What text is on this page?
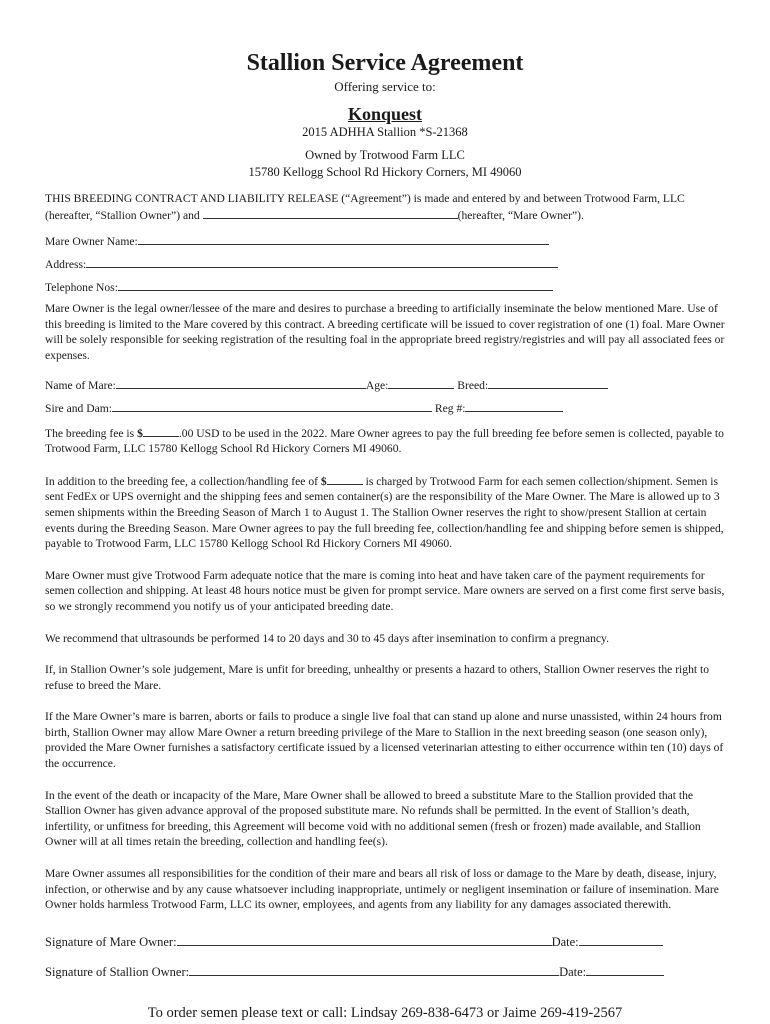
Stallion Service Agreement
Offering service to:
Konquest
2015 ADHHA Stallion *S-21368
Owned by Trotwood Farm LLC
15780 Kellogg School Rd Hickory Corners, MI 49060
THIS BREEDING CONTRACT AND LIABILITY RELEASE (“Agreement”) is made and entered by and between Trotwood Farm, LLC
(hereafter, “Stallion Owner”) and	(hereafter, “Mare Owner”).
Mare Owner Name:
Address:
Telephone Nos:

Mare Owner is the legal owner/lessee of the mare and desires to purchase a breeding to artificially inseminate the below mentioned Mare. Use of this breeding is limited to the Mare covered by this contract. A breeding certificate will be issued to cover registration of one (1) foal. Mare Owner will be solely responsible for seeking registration of the resulting foal in the appropriate breed registry/registries and will pay all associated fees or expenses.

Name of Mare:	Age:	Breed:
Sire and Dam:	Reg #:

The breeding fee is $	.00 USD to be used in the 2022. Mare Owner agrees to pay the full breeding fee before semen is collected, payable to Trotwood Farm, LLC 15780 Kellogg School Rd Hickory Corners MI 49060.

In addition to the breeding fee, a collection/handling fee of $	is charged by Trotwood Farm for each semen collection/shipment. Semen is sent FedEx or UPS overnight and the shipping fees and semen container(s) are the responsibility of the Mare Owner. The Mare is allowed up to 3 semen shipments within the Breeding Season of March 1 to August 1. The Stallion Owner reserves the right to show/present Stallion at certain events during the Breeding Season. Mare Owner agrees to pay the full breeding fee, collection/handling fee and shipping before semen is shipped, payable to Trotwood Farm, LLC 15780 Kellogg School Rd Hickory Corners MI 49060.

Mare Owner must give Trotwood Farm adequate notice that the mare is coming into heat and have taken care of the payment requirements for semen collection and shipping. At least 48 hours notice must be given for prompt service. Mare owners are served on a first come first serve basis, so we strongly recommend you notify us of your anticipated breeding date.

We recommend that ultrasounds be performed 14 to 20 days and 30 to 45 days after insemination to confirm a pregnancy.

If, in Stallion Owner’s sole judgement, Mare is unfit for breeding, unhealthy or presents a hazard to others, Stallion Owner reserves the right to refuse to breed the Mare.

If the Mare Owner’s mare is barren, aborts or fails to produce a single live foal that can stand up alone and nurse unassisted, within 24 hours from birth, Stallion Owner may allow Mare Owner a return breeding privilege of the Mare to Stallion in the next breeding season (one season only), provided the Mare Owner furnishes a satisfactory certificate issued by a licensed veterinarian attesting to either occurrence within ten (10) days of the occurrence.

In the event of the death or incapacity of the Mare, Mare Owner shall be allowed to breed a substitute Mare to the Stallion provided that the Stallion Owner has given advance approval of the proposed substitute mare. No refunds shall be permitted. In the event of Stallion’s death, infertility, or unfitness for breeding, this Agreement will become void with no additional semen (fresh or frozen) made available, and Stallion Owner will at all times retain the breeding, collection and handling fee(s).

Mare Owner assumes all responsibilities for the condition of their mare and bears all risk of loss or damage to the Mare by death, disease, injury, infection, or otherwise and by any cause whatsoever including inappropriate, untimely or negligent insemination or failure of insemination. Mare Owner holds harmless Trotwood Farm, LLC its owner, employees, and agents from any liability for any damages associated therewith.

Signature of Mare Owner:	Date:
Signature of Stallion Owner:	Date:
To order semen please text or call: Lindsay 269-838-6473 or Jaime 269-419-2567
